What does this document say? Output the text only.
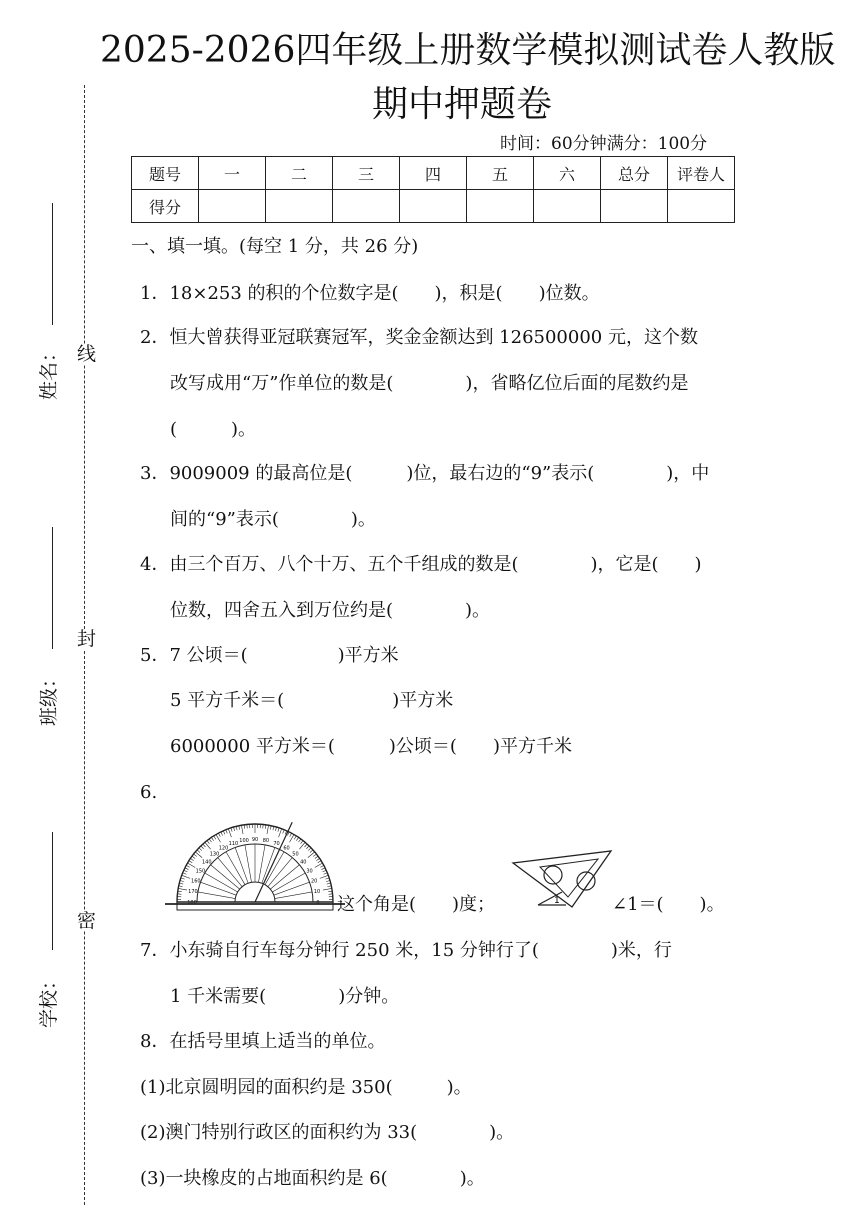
线
封
密
姓名：
班级：
学校：
2025-2026四年级上册数学模拟测试卷人教版
期中押题卷
时间：60分钟满分：100分
题号	一	二	三	四	五	六	总分	评卷人
得分								
一、填一填。(每空 1 分，共 26 分)
1．18×253 的积的个位数字是(　　)，积是(　　)位数。
2．恒大曾获得亚冠联赛冠军，奖金金额达到 126500000 元，这个数
改写成用“万”作单位的数是(　　　　)，省略亿位后面的尾数约是
(　　　)。
3．9009009 的最高位是(　　　)位，最右边的“9”表示(　　　　)，中
间的“9”表示(　　　　)。
4．由三个百万、八个十万、五个千组成的数是(　　　　)，它是(　　)
位数，四舍五入到万位约是(　　　　)。
5．7 公顷＝(　　　　　)平方米
5 平方千米＝(　　　　　　)平方米
6000000 平方米＝(　　　)公顷＝(　　)平方千米
6.
0
10
20
30
40
50
60
70
80
90
100
110
120
130
140
150
160
170
180	这个角是(　　)度；	1	∠1＝(　　)。
7．小东骑自行车每分钟行 250 米，15 分钟行了(　　　　)米，行
1 千米需要(　　　　)分钟。
8．在括号里填上适当的单位。
(1)北京圆明园的面积约是 350(　　　)。
(2)澳门特别行政区的面积约为 33(　　　　)。
(3)一块橡皮的占地面积约是 6(　　　　)。
